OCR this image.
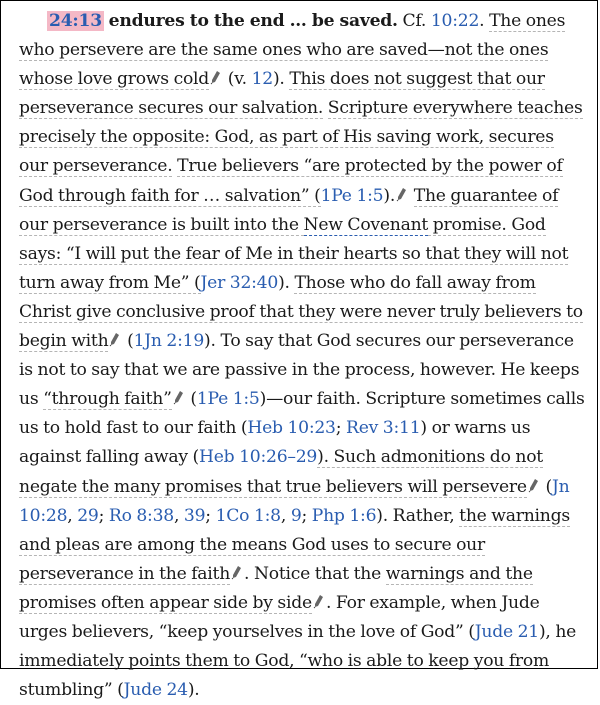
24:13 endures to the end … be saved. Cf. 10:22. The ones who persevere are the same ones who are saved—not the ones whose love grows cold (v. 12). This does not suggest that our perseverance secures our salvation. Scripture everywhere teaches precisely the opposite: God, as part of His saving work, secures our perseverance. True believers “are protected by the power of God through faith for … salvation” (1Pe 1:5). The guarantee of our perseverance is built into the New Covenant promise. God says: “I will put the fear of Me in their hearts so that they will not turn away from Me” (Jer 32:40). Those who do fall away from Christ give conclusive proof that they were never truly believers to begin with (1Jn 2:19). To say that God secures our perseverance is not to say that we are passive in the process, however. He keeps us “through faith” (1Pe 1:5)—our faith. Scripture sometimes calls us to hold fast to our faith (Heb 10:23; Rev 3:11) or warns us against falling away (Heb 10:26–29). Such admonitions do not negate the many promises that true believers will persevere (Jn 10:28, 29; Ro 8:38, 39; 1Co 1:8, 9; Php 1:6). Rather, the warnings and pleas are among the means God uses to secure our perseverance in the faith . Notice that the warnings and the promises often appear side by side . For example, when Jude urges believers, “keep yourselves in the love of God” (Jude 21), he immediately points them to God, “who is able to keep you from stumbling” (Jude 24).
